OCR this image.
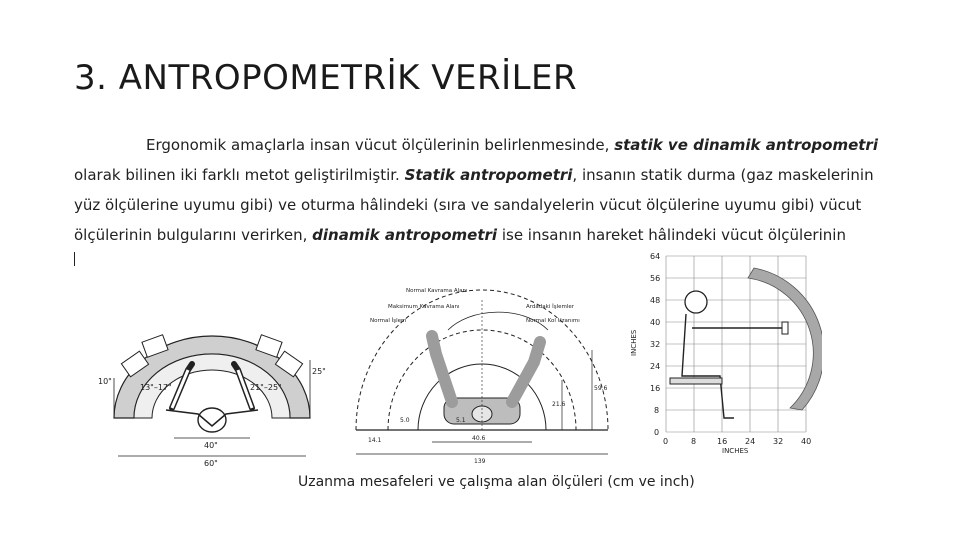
3. ANTROPOMETRİK VERİLER
Ergonomik amaçlarla insan vücut ölçülerinin belirlenmesinde, statik ve dinamik antropometri olarak bilinen iki farklı metot geliştirilmiştir. Statik antropometri, insanın statik durma (gaz maskelerinin yüz ölçülerine uyumu gibi) ve oturma hâlindeki (sıra ve sandalyelerin vücut ölçülerine uyumu gibi) vücut ölçülerinin bulgularını verirken, dinamik antropometri ise insanın hareket hâlindeki vücut ölçülerinin
10"
13"–17"	21"–25"
25"
40"
60"
Maksimum Kavrama Alanı
Normal Kavrama Alanı
Normal İşlem
Ardadaki İşlemler
Normal Kol Uzanımı
40.6
139
59.6
21.6
5.0	5.1
14.1
64
56
48
40
32
24
16
8
0
0	8	16 24 32 40
INCHES
INCHES
Uzanma mesafeleri ve çalışma alan ölçüleri (cm ve inch)
